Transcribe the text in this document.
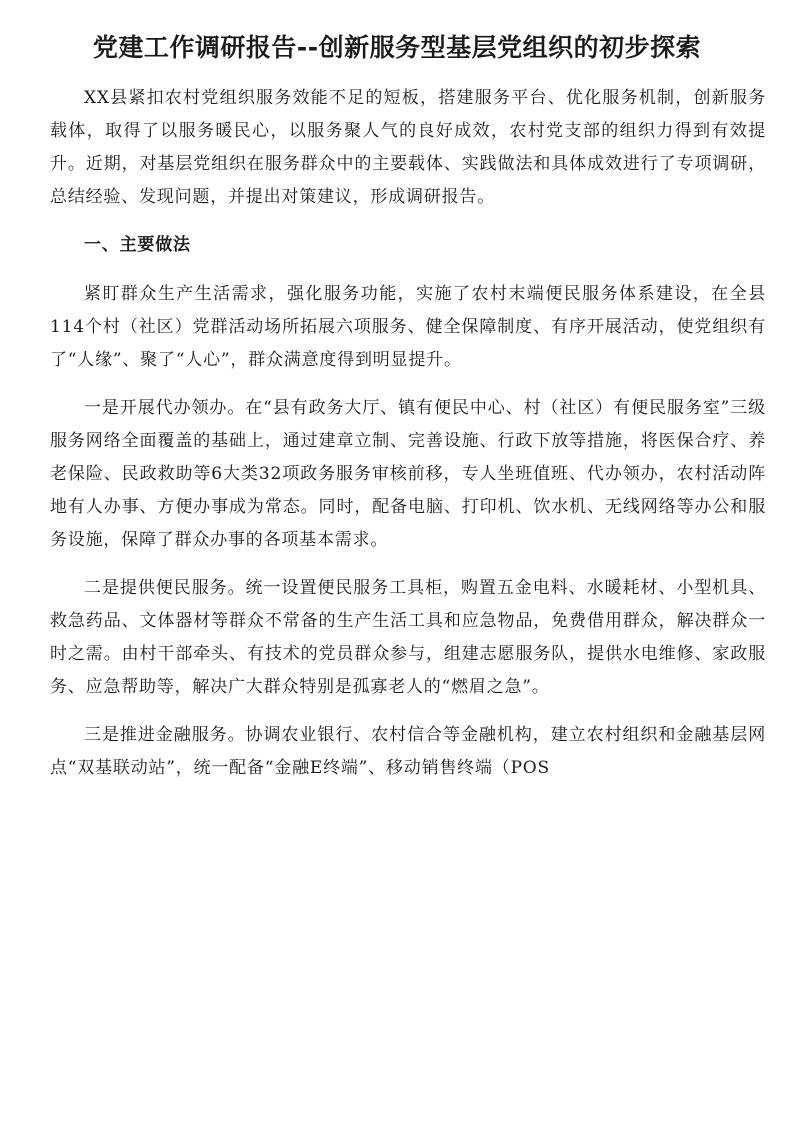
党建工作调研报告--创新服务型基层党组织的初步探索

XX县紧扣农村党组织服务效能不足的短板，搭建服务平台、优化服务机制，创新服务载体，取得了以服务暖民心，以服务聚人气的良好成效，农村党支部的组织力得到有效提升。近期，对基层党组织在服务群众中的主要载体、实践做法和具体成效进行了专项调研，总结经验、发现问题，并提出对策建议，形成调研报告。

一、主要做法

紧盯群众生产生活需求，强化服务功能，实施了农村末端便民服务体系建设，在全县114个村（社区）党群活动场所拓展六项服务、健全保障制度、有序开展活动，使党组织有了“人缘”、聚了“人心”，群众满意度得到明显提升。

一是开展代办领办。在“县有政务大厅、镇有便民中心、村（社区）有便民服务室”三级服务网络全面覆盖的基础上，通过建章立制、完善设施、行政下放等措施，将医保合疗、养老保险、民政救助等6大类32项政务服务审核前移，专人坐班值班、代办领办，农村活动阵地有人办事、方便办事成为常态。同时，配备电脑、打印机、饮水机、无线网络等办公和服务设施，保障了群众办事的各项基本需求。

二是提供便民服务。统一设置便民服务工具柜，购置五金电料、水暖耗材、小型机具、救急药品、文体器材等群众不常备的生产生活工具和应急物品，免费借用群众，解决群众一时之需。由村干部牵头、有技术的党员群众参与，组建志愿服务队，提供水电维修、家政服务、应急帮助等，解决广大群众特别是孤寡老人的“燃眉之急”。

三是推进金融服务。协调农业银行、农村信合等金融机构，建立农村组织和金融基层网点“双基联动站”，统一配备“金融E终端”、移动销售终端（POS
